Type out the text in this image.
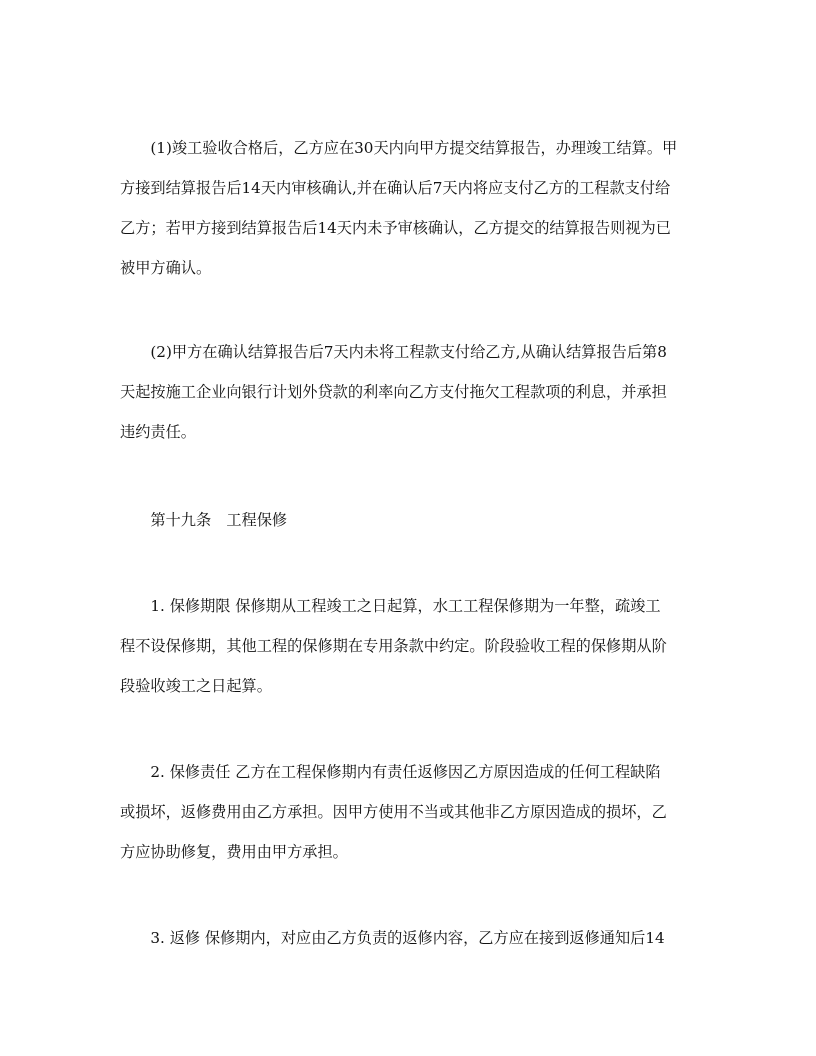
　　(1)竣工验收合格后，乙方应在30天内向甲方提交结算报告，办理竣工结算。甲
方接到结算报告后14天内审核确认,并在确认后7天内将应支付乙方的工程款支付给
乙方；若甲方接到结算报告后14天内未予审核确认，乙方提交的结算报告则视为已
被甲方确认。
　　(2)甲方在确认结算报告后7天内未将工程款支付给乙方,从确认结算报告后第8
天起按施工企业向银行计划外贷款的利率向乙方支付拖欠工程款项的利息，并承担
违约责任。
　　第十九条　工程保修
　　1. 保修期限 保修期从工程竣工之日起算，水工工程保修期为一年整，疏竣工
程不设保修期，其他工程的保修期在专用条款中约定。阶段验收工程的保修期从阶
段验收竣工之日起算。
　　2. 保修责任 乙方在工程保修期内有责任返修因乙方原因造成的任何工程缺陷
或损坏，返修费用由乙方承担。因甲方使用不当或其他非乙方原因造成的损坏，乙
方应协助修复，费用由甲方承担。
　　3. 返修 保修期内，对应由乙方负责的返修内容，乙方应在接到返修通知后14
